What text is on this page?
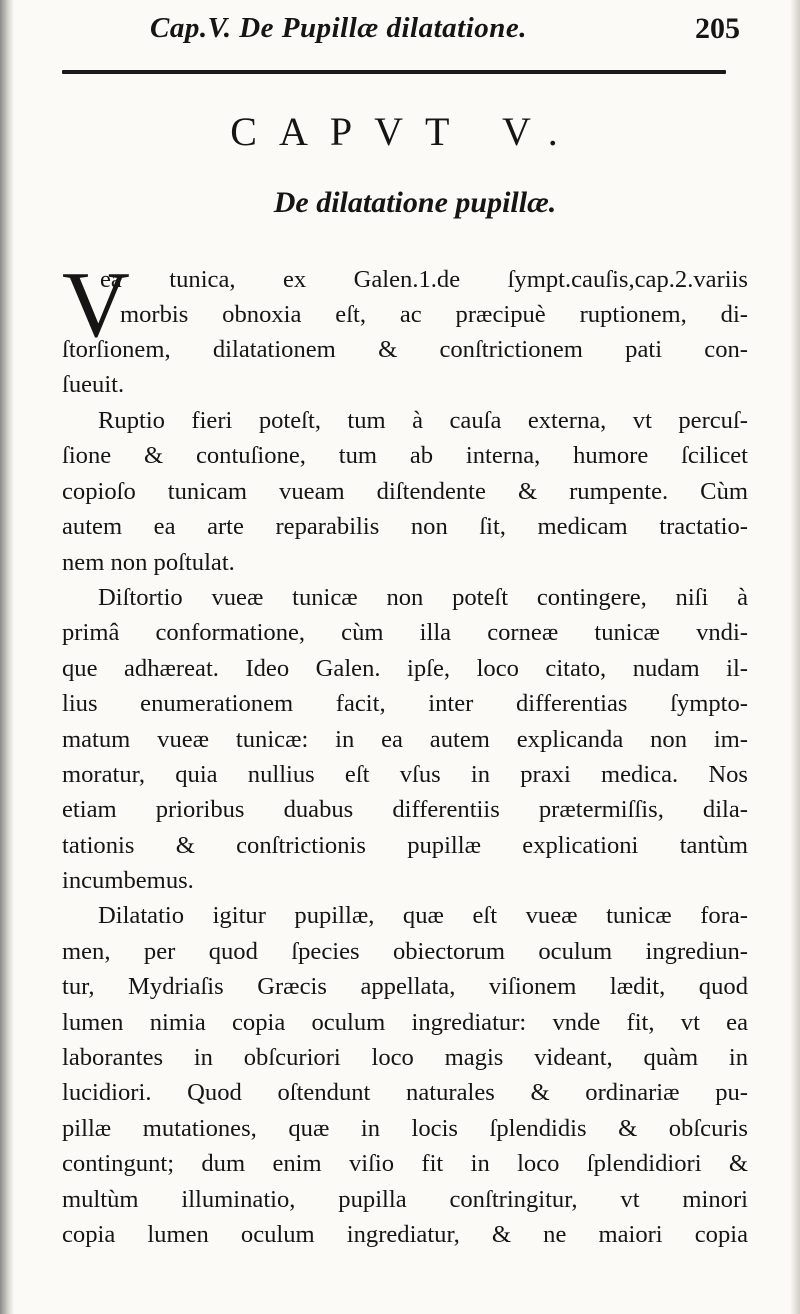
Cap.V. De Pupillæ dilatatione.	205
CAPVT V.
De dilatatione pupillæ.
V
ea tunica, ex Galen.1.de ſympt.cauſis,cap.2.variis
morbis obnoxia eſt, ac præcipuè ruptionem, di-
ſtorſionem, dilatationem & conſtrictionem pati con-
ſueuit.
Ruptio fieri poteſt, tum à cauſa externa, vt percuſ-
ſione & contuſione, tum ab interna, humore ſcilicet
copioſo tunicam vueam diſtendente & rumpente. Cùm
autem ea arte reparabilis non ſit, medicam tractatio-
nem non poſtulat.
Diſtortio vueæ tunicæ non poteſt contingere, niſi à
primâ conformatione, cùm illa corneæ tunicæ vndi-
que adhæreat. Ideo Galen. ipſe, loco citato, nudam il-
lius enumerationem facit, inter differentias ſympto-
matum vueæ tunicæ: in ea autem explicanda non im-
moratur, quia nullius eſt vſus in praxi medica. Nos
etiam prioribus duabus differentiis prætermiſſis, dila-
tationis & conſtrictionis pupillæ explicationi tantùm
incumbemus.
Dilatatio igitur pupillæ, quæ eſt vueæ tunicæ fora-
men, per quod ſpecies obiectorum oculum ingrediun-
tur, Mydriaſis Græcis appellata, viſionem lædit, quod
lumen nimia copia oculum ingrediatur: vnde fit, vt ea
laborantes in obſcuriori loco magis videant, quàm in
lucidiori. Quod oſtendunt naturales & ordinariæ pu-
pillæ mutationes, quæ in locis ſplendidis & obſcuris
contingunt; dum enim viſio fit in loco ſplendidiori &
multùm illuminatio, pupilla conſtringitur, vt minori
copia lumen oculum ingrediatur, & ne maiori copia
